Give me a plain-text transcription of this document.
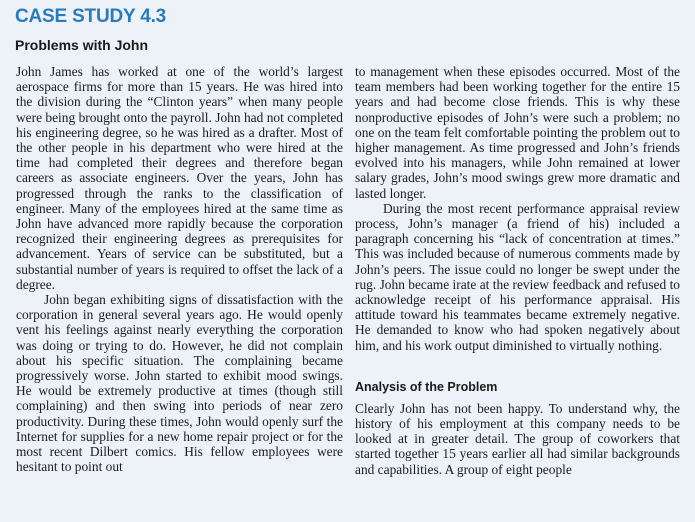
CASE STUDY 4.3
Problems with John

John James has worked at one of the world’s largest aerospace firms for more than 15 years. He was hired into the division during the “Clinton years” when many people were being brought onto the payroll. John had not completed his engineering degree, so he was hired as a drafter. Most of the other people in his department who were hired at the time had completed their degrees and therefore began careers as associate engineers. Over the years, John has progressed through the ranks to the classification of engineer. Many of the employees hired at the same time as John have advanced more rapidly because the corporation recognized their engineering degrees as prerequisites for advancement. Years of service can be substituted, but a substantial number of years is required to offset the lack of a degree.

John began exhibiting signs of dissatisfaction with the corporation in general several years ago. He would openly vent his feelings against nearly everything the corporation was doing or trying to do. However, he did not complain about his specific situation. The complaining became progressively worse. John started to exhibit mood swings. He would be extremely productive at times (though still complaining) and then swing into periods of near zero productivity. During these times, John would openly surf the Internet for supplies for a new home repair project or for the most recent Dilbert comics. His fellow employees were hesitant to point out

to management when these episodes occurred. Most of the team members had been working together for the entire 15 years and had become close friends. This is why these nonproductive episodes of John’s were such a problem; no one on the team felt comfortable pointing the problem out to higher management. As time progressed and John’s friends evolved into his managers, while John remained at lower salary grades, John’s mood swings grew more dramatic and lasted longer.

During the most recent performance appraisal review process, John’s manager (a friend of his) included a paragraph concerning his “lack of concentration at times.” This was included because of numerous comments made by John’s peers. The issue could no longer be swept under the rug. John became irate at the review feedback and refused to acknowledge receipt of his performance appraisal. His attitude toward his teammates became extremely negative. He demanded to know who had spoken negatively about him, and his work output diminished to virtually nothing.

Analysis of the Problem

Clearly John has not been happy. To understand why, the history of his employment at this company needs to be looked at in greater detail. The group of coworkers that started together 15 years earlier all had similar backgrounds and capabilities. A group of eight people
